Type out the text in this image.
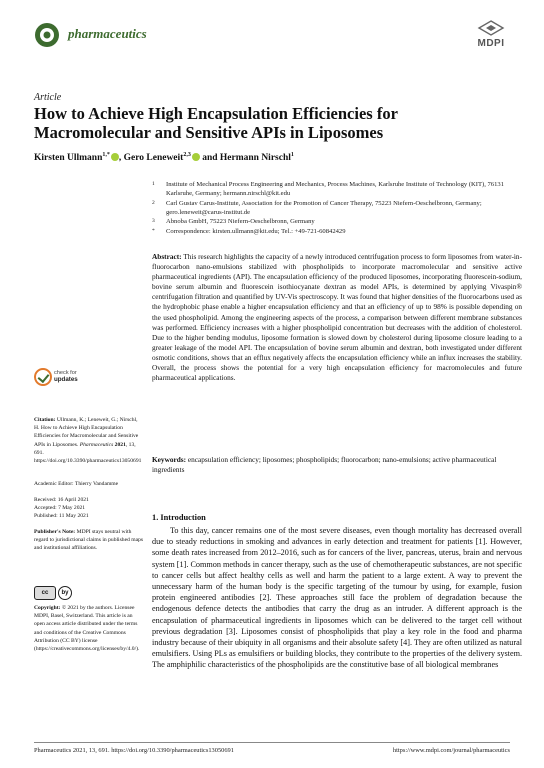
pharmaceutics
MDPI
Article
How to Achieve High Encapsulation Efficiencies for Macromolecular and Sensitive APIs in Liposomes
Kirsten Ullmann$^{1,*}$ , Gero Leneweit$^{2,3}$ and Hermann Nirschl$^1$
1 Institute of Mechanical Process Engineering and Mechanics, Process Machines, Karlsruhe Institute of Technology (KIT), 76131 Karlsruhe, Germany; hermann.nirschl@kit.edu
2 Carl Gustav Carus-Institute, Association for the Promotion of Cancer Therapy, 75223 Niefern-Oeschelbronn, Germany; gero.leneweit@carus-institut.de
3 Abnoba GmbH, 75223 Niefern-Oeschelbronn, Germany
* Correspondence: kirsten.ullmann@kit.edu; Tel.: +49-721-60842429
Abstract: This research highlights the capacity of a newly introduced centrifugation process to form liposomes from water-in-fluorocarbon nano-emulsions stabilized with phospholipids to incorporate macromolecular and sensitive active pharmaceutical ingredients (API). The encapsulation efficiency of the produced liposomes, incorporating fluorescein-sodium, bovine serum albumin and fluorescein isothiocyanate dextran as model APIs, is determined by applying Vivaspin® centrifugation filtration and quantified by UV-Vis spectroscopy. It was found that higher densities of the fluorocarbons used as the hydrophobic phase enable a higher encapsulation efficiency and that an efficiency of up to 98% is possible depending on the used phospholipid. Among the engineering aspects of the process, a comparison between different membrane substances was performed. Efficiency increases with a higher phospholipid concentration but decreases with the addition of cholesterol. Due to the higher bending modulus, liposome formation is slowed down by cholesterol during liposome closure leading to a greater leakage of the model API. The encapsulation of bovine serum albumin and dextran, both investigated under different osmotic conditions, shows that an efflux negatively affects the encapsulation efficiency while an influx increases the stability. Overall, the process shows the potential for a very high encapsulation efficiency for macromolecules and future pharmaceutical applications.
Keywords: encapsulation efficiency; liposomes; phospholipids; fluorocarbon; nano-emulsions; active pharmaceutical ingredients
check for
updates
Citation: Ullmann, K.; Leneweit, G.; Nirschl, H. How to Achieve High Encapsulation Efficiencies for Macromolecular and Sensitive APIs in Liposomes. Pharmaceutics 2021, 13, 691. https://doi.org/10.3390/pharmaceutics13050691
Academic Editor: Thierry Vandamme
Received: 16 April 2021
Accepted: 7 May 2021
Published: 11 May 2021
Publisher's Note: MDPI stays neutral with regard to jurisdictional claims in published maps and institutional affiliations.
cc	by
Copyright: © 2021 by the authors. Licensee MDPI, Basel, Switzerland. This article is an open access article distributed under the terms and conditions of the Creative Commons Attribution (CC BY) license (https://creativecommons.org/licenses/by/4.0/).
1. Introduction

To this day, cancer remains one of the most severe diseases, even though mortality has decreased overall due to steady reductions in smoking and advances in early detection and treatment for patients [1]. However, some death rates increased from 2012–2016, such as for cancers of the liver, pancreas, uterus, brain and nervous system [1]. Common methods in cancer therapy, such as the use of chemotherapeutic substances, are not specific to cancer cells but affect healthy cells as well and harm the patient to a large extent. A way to prevent the unnecessary harm of the human body is the specific targeting of the tumour by using, for example, fusion protein engineered antibodies [2]. These approaches still face the problem of degradation because the endogenous defence detects the antibodies that carry the drug as an intruder. A different approach is the encapsulation of pharmaceutical ingredients in liposomes which can be delivered to the target cell without previous degradation [3]. Liposomes consist of phospholipids that play a key role in the food and pharma industry because of their ubiquity in all organisms and their absolute safety [4]. They are often utilized as natural emulsifiers. Using PLs as emulsifiers or building blocks, they contribute to the properties of the delivery system. The amphiphilic characteristics of the phospholipids are the constitutive base of all biological membranes

Pharmaceutics 2021, 13, 691. https://doi.org/10.3390/pharmaceutics13050691	https://www.mdpi.com/journal/pharmaceutics
